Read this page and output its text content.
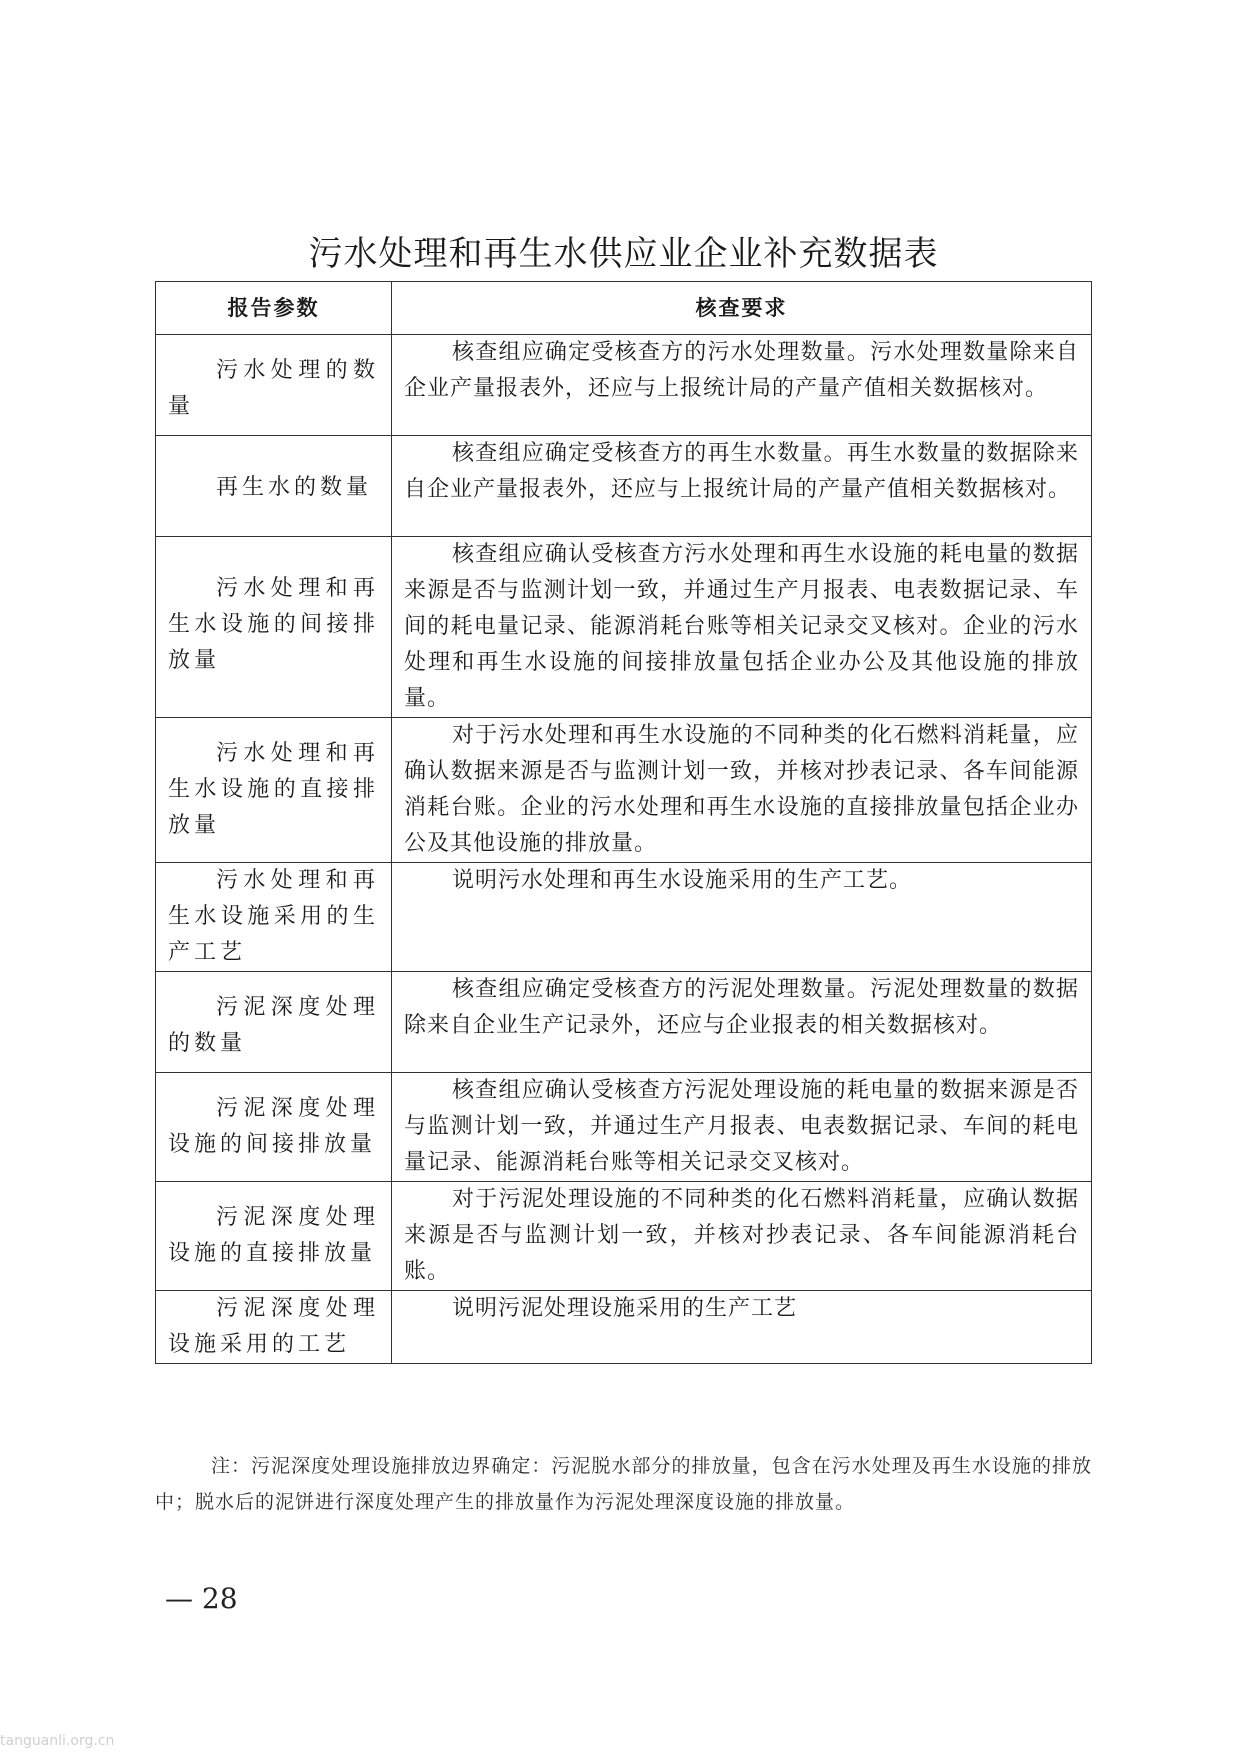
污水处理和再生水供应业企业补充数据表
报告参数	核查要求
污水处理的数量	核查组应确定受核查方的污水处理数量。污水处理数量除来自企业产量报表外，还应与上报统计局的产量产值相关数据核对。
再生水的数量	核查组应确定受核查方的再生水数量。再生水数量的数据除来自企业产量报表外，还应与上报统计局的产量产值相关数据核对。
污水处理和再生水设施的间接排放量	核查组应确认受核查方污水处理和再生水设施的耗电量的数据来源是否与监测计划一致，并通过生产月报表、电表数据记录、车间的耗电量记录、能源消耗台账等相关记录交叉核对。企业的污水处理和再生水设施的间接排放量包括企业办公及其他设施的排放量。
污水处理和再生水设施的直接排放量	对于污水处理和再生水设施的不同种类的化石燃料消耗量，应确认数据来源是否与监测计划一致，并核对抄表记录、各车间能源消耗台账。企业的污水处理和再生水设施的直接排放量包括企业办公及其他设施的排放量。
污水处理和再生水设施采用的生产工艺	说明污水处理和再生水设施采用的生产工艺。
污泥深度处理的数量	核查组应确定受核查方的污泥处理数量。污泥处理数量的数据除来自企业生产记录外，还应与企业报表的相关数据核对。
污泥深度处理设施的间接排放量	核查组应确认受核查方污泥处理设施的耗电量的数据来源是否与监测计划一致，并通过生产月报表、电表数据记录、车间的耗电量记录、能源消耗台账等相关记录交叉核对。
污泥深度处理设施的直接排放量	对于污泥处理设施的不同种类的化石燃料消耗量，应确认数据来源是否与监测计划一致，并核对抄表记录、各车间能源消耗台账。
污泥深度处理设施采用的工艺	说明污泥处理设施采用的生产工艺
注：污泥深度处理设施排放边界确定：污泥脱水部分的排放量，包含在污水处理及再生水设施的排放中；脱水后的泥饼进行深度处理产生的排放量作为污泥处理深度设施的排放量。
— 28
tanguanli.org.cn
